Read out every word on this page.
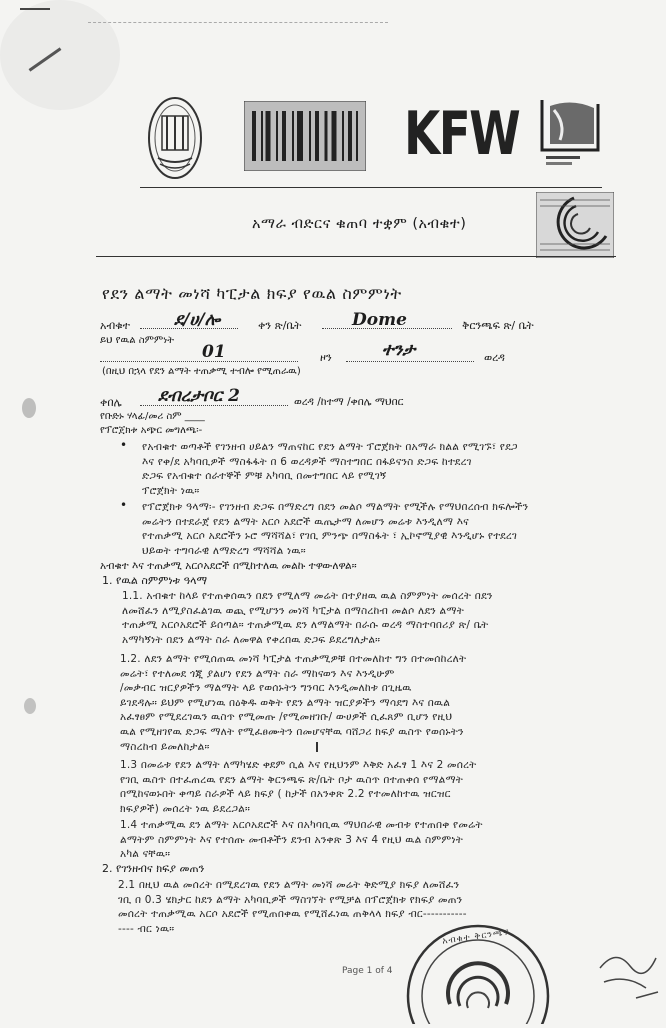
KFW
አማራ ብድርና ቁጠባ ተቋም (አብቁተ)
የደን ልማት መነሻ ካፒታል ክፍያ የዉል ስምምነት
አብቁተ	ደ/ሀ/ሎ	ቀን ጽ/ቤት	Dome	ቅርንጫፍ ጽ/ ቤት
ይህ የዉል ስምምነት
01	ዞን	ተንታ	ወረዳ
(በዚህ በኋላ የደን ልማት ተጠቃሚ ተብሎ የሚጠራዉ)
ቀበሌ ደብረታቦር 2	ወረዳ /ከተማ /ቀበሌ ማህበር
የቡድኑ ሃላፊ/መሪ ስም ____
የፕሮጀክቱ አጭር መግለጫ፡-
• የአብቁተ ወጣቶች የገንዘብ ሀይልን ማጠናከር የደን ልማት ፕሮጀክት በአማራ ክልል የሚገኙ፣ የደጋ

እና የቀ/ደ አካባቢዎች ማስፋፋት በ 6 ወረዳዎች ማስተግበር በፋይናንስ ድጋፍ ከተደረገ

ድጋፍ የአብቁተ ሰራተኞች ምቹ አካባቢ በመተግበር ላይ የሚገኝ

ፕሮጀክት ነዉ።

• የፕሮጀክቱ ዓላማ፡- የገንዘብ ድጋፍ በማድረግ በደን መልሶ ማልማት የሚችሉ የማህበረሰብ ክፍሎችን

መሬትን በተደራጀ የደን ልማት አርሶ አደሮች ዉጤታማ ለመሆን መሬቱ እንዲለማ እና

የተጠቃሚ አርሶ አደሮችን ኑሮ ማሻሻል፣ የገቢ ምንጭ በማስፋት ፣ ኢኮኖሚያዊ እንዲሆኑ የተደረገ

ህይወት ተግባራዊ ለማድረግ ማሻሻል ነዉ።

አብቁተ እና ተጠቃሚ አርሶአደሮች በሚከተለዉ መልኩ ተዋውለዋል።
1. የዉል ስምምነቱ ዓላማ

1.1. አብቁተ ከላይ የተጠቀሰዉን በደን የሚለማ መሬት በተያዘዉ ዉል ስምምነት መሰረት በደን

ለመሸፈን ለሚያስፈልገዉ ወጪ የሚሆንን መነሻ ካፒታል በማስረከብ መልሶ ለደን ልማት

ተጠቃሚ አርሶአደሮች ይሰጣል። ተጠቃሚዉ ደን ለማልማት በራሱ ወረዳ ማስተባበሪያ ጽ/ ቤት

አማካኝነት በደን ልማት ስራ ለመዋል የቀረበዉ ድጋፍ ይደረግለታል።

1.2. ለደን ልማት የሚሰጠዉ መነሻ ካፒታል ተጠቃሚዎቹ በተመለከተ ግን በተመሰከረለት

መሬት፣ የተለመደ ጎጂ ያልሆነ የደን ልማት ስራ ማከናወን እና እንዲሁም

/መቃብር ዝርያዎችን ማልማት ላይ የወሰኑትን ግንባር እንዲመለከቱ በጊዜዉ

ይገደዳሉ። ይህም የሚሆነዉ በዕቅዱ ወቅት የደን ልማት ዝርያዎችን ማሳደግ እና በዉል

አፈፃፀም የሚደረገዉን ዉስጥ የሚመጡ /የሚመዘገቡ/ ውሀዎች ሲፈጸም ቢሆን የዚህ

ዉል የሚዘገየዉ ድጋፍ ማለት የሚፈፀሙትን በመሆናቸዉ ባሸጋሪ ክፍያ ዉስጥ የወሰኑትን

ማስረከብ ይመለከታል።

1.3 በመሬቱ የደን ልማት ለማካሄድ ቀደም ሲል እና የዚህንም እቅድ አፈፃ 1 እና 2 መሰረት

የገቢ ዉስጥ በተፈጠረዉ የደን ልማት ቅርንጫፍ ጽ/ቤት ቦታ ዉስጥ በተጠቀሰ የማልማት

በሚከናወኑበት ቀጣይ ስራዎች ላይ ክፍያ ( ከታች በአንቀጽ 2.2 የተመለከተዉ ዝርዝር

ክፍያዎች) መሰረት ነዉ ይደረጋል።

1.4 ተጠቃሚዉ ደን ልማት አርሶአደሮች እና በአካባቢዉ ማህበራዊ መብቱ የተጠበቀ የመሬት

ልማትም ስምምነት እና የተሰጡ መብቶችን ደንብ አንቀጽ 3 እና 4 የዚህ ዉል ስምምነት

አካል ናቸዉ።

2. የገንዘብና ክፍያ መጠን

2.1 በዚህ ዉል መሰረት በሚደረገዉ የደን ልማት መነሻ መሬት ቅድሚያ ክፍያ ለመሸፈን

ገቢ በ 0.3 ሄክታር ከደን ልማት አካባቢዎች ማስገኘት የሚቻል በፕሮጀክቱ የክፍያ መጠን

መሰረት ተጠቃሚዉ አርሶ አደሮች የሚጠበቀዉ የሚሸፈነዉ ጠቅላላ ክፍያ ብር-----------

---- ብር ነዉ።

Page 1 of 4
አብቁተ ቅርንጫፍ
